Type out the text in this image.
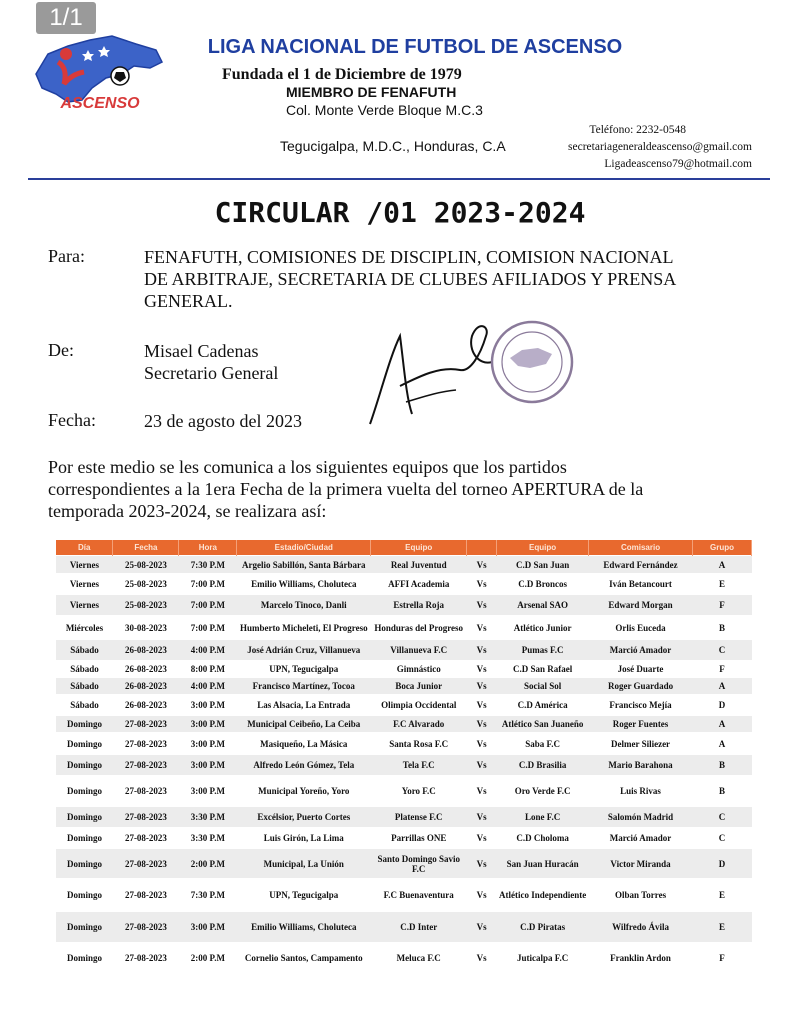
1/1
ASCENSO
LIGA NACIONAL DE FUTBOL DE ASCENSO
Fundada el 1 de Diciembre de 1979
MIEMBRO DE FENAFUTH
Col. Monte Verde Bloque M.C.3
Tegucigalpa, M.D.C., Honduras, C.A
Teléfono: 2232-0548
secretariageneraldeascenso@gmail.com
Ligadeascenso79@hotmail.com
CIRCULAR /01 2023-2024
Para:	FENAFUTH, COMISIONES DE DISCIPLIN, COMISION NACIONAL
DE ARBITRAJE, SECRETARIA DE CLUBES AFILIADOS Y PRENSA
GENERAL.
De:	Misael Cadenas
Secretario General
Fecha:	23 de agosto del 2023
Por este medio se les comunica a los siguientes equipos que los partidos
correspondientes a la 1era Fecha de la primera vuelta del torneo APERTURA de la
temporada 2023-2024, se realizara así:
Día	Fecha	Hora	Estadio/Ciudad	Equipo		Equipo	Comisario	Grupo
Viernes	25-08-2023	7:30 P.M	Argelio Sabillón, Santa Bárbara	Real Juventud	Vs	C.D San Juan	Edward Fernández	A
Viernes	25-08-2023	7:00 P.M	Emilio Williams, Choluteca	AFFI Academia	Vs	C.D Broncos	Iván Betancourt	E
Viernes	25-08-2023	7:00 P.M	Marcelo Tinoco, Danli	Estrella Roja	Vs	Arsenal SAO	Edward Morgan	F
Miércoles	30-08-2023	7:00 P.M	Humberto Micheleti, El Progreso	Honduras del Progreso	Vs	Atlético Junior	Orlis Euceda	B
Sábado	26-08-2023	4:00 P.M	José Adrián Cruz, Villanueva	Villanueva F.C	Vs	Pumas F.C	Marció Amador	C
Sábado	26-08-2023	8:00 P.M	UPN, Tegucigalpa	Gimnástico	Vs	C.D San Rafael	José Duarte	F
Sábado	26-08-2023	4:00 P.M	Francisco Martínez, Tocoa	Boca Junior	Vs	Social Sol	Roger Guardado	A
Sábado	26-08-2023	3:00 P.M	Las Alsacia, La Entrada	Olimpia Occidental	Vs	C.D América	Francisco Mejía	D
Domingo	27-08-2023	3:00 P.M	Municipal Ceibeño, La Ceiba	F.C Alvarado	Vs	Atlético San Juaneño	Roger Fuentes	A
Domingo	27-08-2023	3:00 P.M	Masiqueño, La Másica	Santa Rosa F.C	Vs	Saba F.C	Delmer Siliezer	A
Domingo	27-08-2023	3:00 P.M	Alfredo León Gómez, Tela	Tela F.C	Vs	C.D Brasilia	Mario Barahona	B
Domingo	27-08-2023	3:00 P.M	Municipal Yoreño, Yoro	Yoro F.C	Vs	Oro Verde F.C	Luis Rivas	B
Domingo	27-08-2023	3:30 P.M	Excélsior, Puerto Cortes	Platense F.C	Vs	Lone F.C	Salomón Madrid	C
Domingo	27-08-2023	3:30 P.M	Luis Girón, La Lima	Parrillas ONE	Vs	C.D Choloma	Marció Amador	C
Domingo	27-08-2023	2:00 P.M	Municipal, La Unión	Santo Domingo Savio F.C	Vs	San Juan Huracán	Victor Miranda	D
Domingo	27-08-2023	7:30 P.M	UPN, Tegucigalpa	F.C Buenaventura	Vs	Atlético Independiente	Olban Torres	E
Domingo	27-08-2023	3:00 P.M	Emilio Williams, Choluteca	C.D Inter	Vs	C.D Piratas	Wilfredo Ávila	E
Domingo	27-08-2023	2:00 P.M	Cornelio Santos, Campamento	Meluca F.C	Vs	Juticalpa F.C	Franklin Ardon	F
